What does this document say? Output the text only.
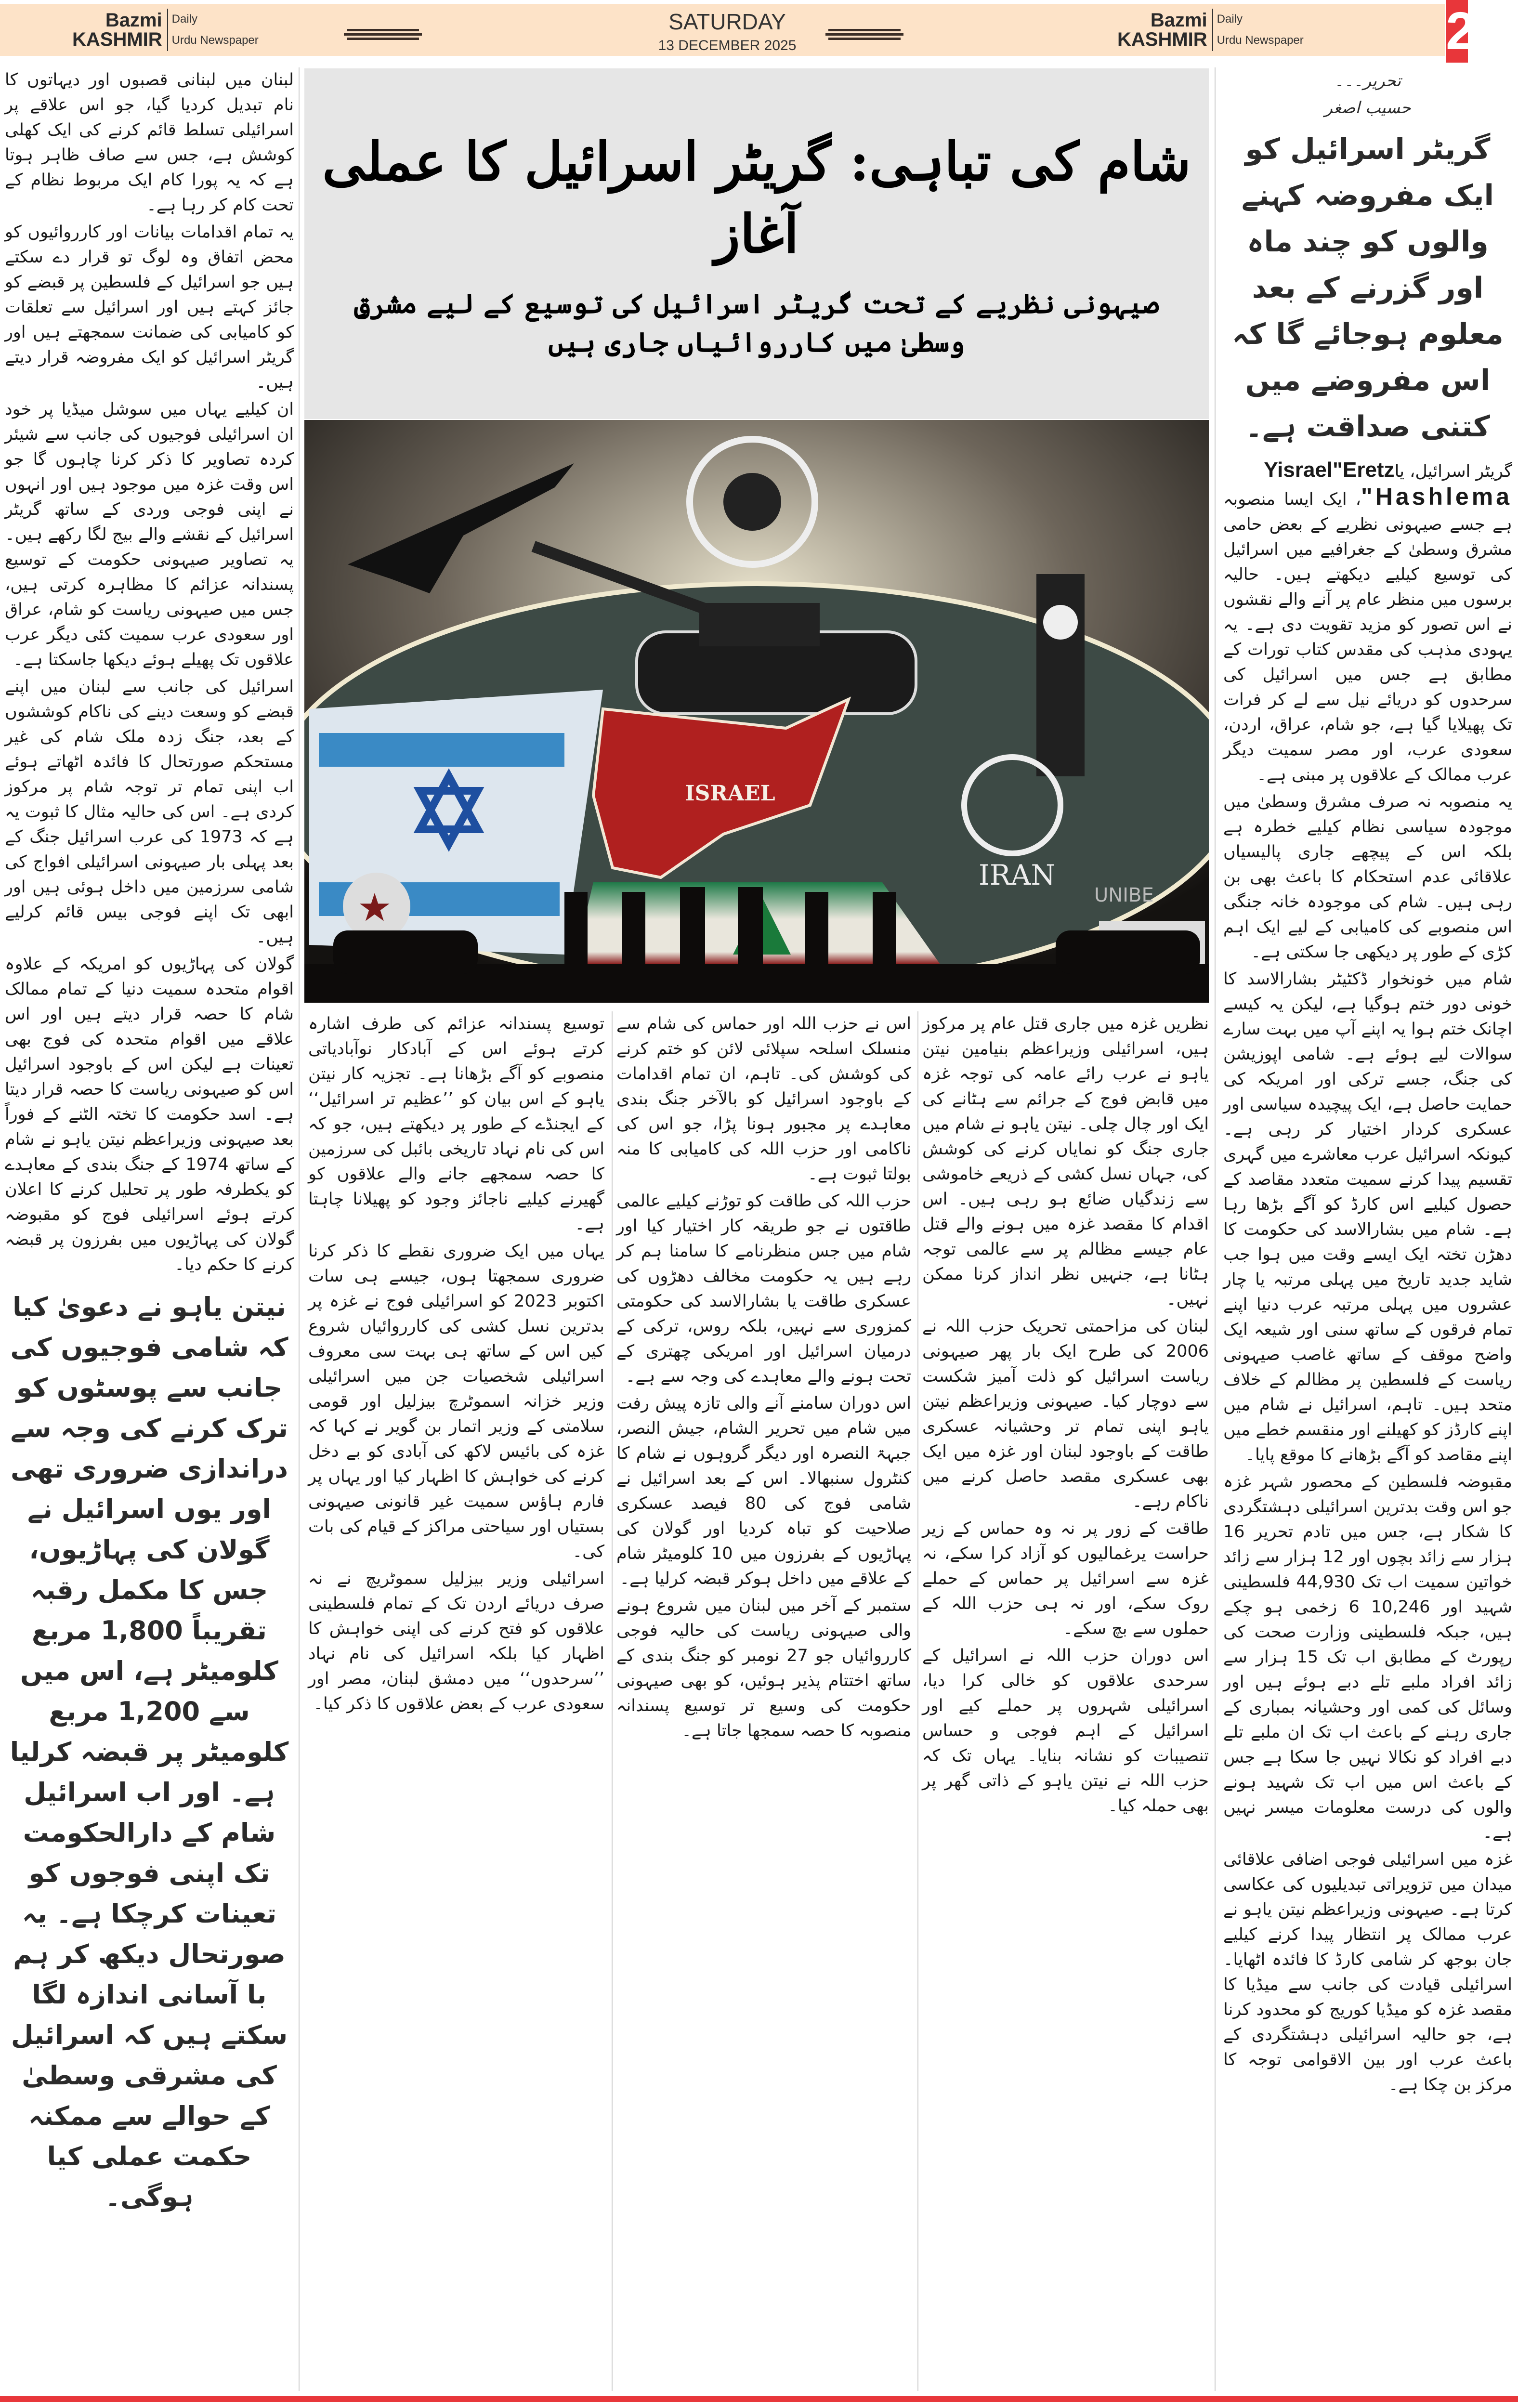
Bazmi
KASHMIR
Daily
Urdu Newspaper
SATURDAY
13 DECEMBER 2025
Bazmi
KASHMIR
Daily
Urdu Newspaper	2
تحریر۔۔۔
حسیب اصغر
گریٹر اسرائیل کو ایک مفروضہ کہنے والوں کو چند ماہ اور گزرنے کے بعد معلوم ہوجائے گا کہ اس مفروضے میں کتنی صداقت ہے۔

گریٹر اسرائیل، یاYisrael"Eretz
Hashlema"، ایک ایسا منصوبہ ہے جسے صیہونی نظریے کے بعض حامی مشرق وسطیٰ کے جغرافیے میں اسرائیل کی توسیع کیلیے دیکھتے ہیں۔ حالیہ برسوں میں منظر عام پر آنے والے نقشوں نے اس تصور کو مزید تقویت دی ہے۔ یہ یہودی مذہب کی مقدس کتاب تورات کے مطابق ہے جس میں اسرائیل کی سرحدوں کو دریائے نیل سے لے کر فرات تک پھیلایا گیا ہے، جو شام، عراق، اردن، سعودی عرب، اور مصر سمیت دیگر عرب ممالک کے علاقوں پر مبنی ہے۔

یہ منصوبہ نہ صرف مشرق وسطیٰ میں موجودہ سیاسی نظام کیلیے خطرہ ہے بلکہ اس کے پیچھے جاری پالیسیاں علاقائی عدم استحکام کا باعث بھی بن رہی ہیں۔ شام کی موجودہ خانہ جنگی اس منصوبے کی کامیابی کے لیے ایک اہم کڑی کے طور پر دیکھی جا سکتی ہے۔

شام میں خونخوار ڈکٹیٹر بشارالاسد کا خونی دور ختم ہوگیا ہے، لیکن یہ کیسے اچانک ختم ہوا یہ اپنے آپ میں بہت سارے سوالات لیے ہوئے ہے۔ شامی اپوزیشن کی جنگ، جسے ترکی اور امریکہ کی حمایت حاصل ہے، ایک پیچیدہ سیاسی اور عسکری کردار اختیار کر رہی ہے۔ کیونکہ اسرائیل عرب معاشرے میں گہری تقسیم پیدا کرنے سمیت متعدد مقاصد کے حصول کیلیے اس کارڈ کو آگے بڑھا رہا ہے۔ شام میں بشارالاسد کی حکومت کا دھڑن تختہ ایک ایسے وقت میں ہوا جب شاید جدید تاریخ میں پہلی مرتبہ یا چار عشروں میں پہلی مرتبہ عرب دنیا اپنے تمام فرقوں کے ساتھ سنی اور شیعہ ایک واضح موقف کے ساتھ غاصب صیہونی ریاست کے فلسطین پر مظالم کے خلاف متحد ہیں۔ تاہم، اسرائیل نے شام میں اپنے کارڈز کو کھیلنے اور منقسم خطے میں اپنے مقاصد کو آگے بڑھانے کا موقع پایا۔

مقبوضہ فلسطین کے محصور شہر غزہ جو اس وقت بدترین اسرائیلی دہشتگردی کا شکار ہے، جس میں تادم تحریر 16 ہزار سے زائد بچوں اور 12 ہزار سے زائد خواتین سمیت اب تک 44,930 فلسطینی شہید اور 10,246 6 زخمی ہو چکے ہیں، جبکہ فلسطینی وزارت صحت کی رپورٹ کے مطابق اب تک 15 ہزار سے زائد افراد ملبے تلے دبے ہوئے ہیں اور وسائل کی کمی اور وحشیانہ بمباری کے جاری رہنے کے باعث اب تک ان ملبے تلے دبے افراد کو نکالا نہیں جا سکا ہے جس کے باعث اس میں اب تک شہید ہونے والوں کی درست معلومات میسر نہیں ہے۔

غزہ میں اسرائیلی فوجی اضافی علاقائی میدان میں تزویراتی تبدیلیوں کی عکاسی کرتا ہے۔ صیہونی وزیراعظم نیتن یاہو نے عرب ممالک پر انتظار پیدا کرنے کیلیے جان بوجھ کر شامی کارڈ کا فائدہ اٹھایا۔ اسرائیلی قیادت کی جانب سے میڈیا کا مقصد غزہ کو میڈیا کوریج کو محدود کرنا ہے، جو حالیہ اسرائیلی دہشتگردی کے باعث عرب اور بین الاقوامی توجہ کا مرکز بن چکا ہے۔

شام کی تباہی: گریٹر اسرائیل کا عملی آغاز
صیہونی نظریے کے تحت گریٹر اسرائیل کی توسیع کے لیے مشرقِ وسطیٰ میں کارروائیاں جاری ہیں
ISRAEL
★
IRAN
UNIBE

لبنان میں لبنانی قصبوں اور دیہاتوں کا نام تبدیل کردیا گیا، جو اس علاقے پر اسرائیلی تسلط قائم کرنے کی ایک کھلی کوشش ہے، جس سے صاف ظاہر ہوتا ہے کہ یہ پورا کام ایک مربوط نظام کے تحت کام کر رہا ہے۔

یہ تمام اقدامات بیانات اور کارروائیوں کو محض اتفاق وہ لوگ تو قرار دے سکتے ہیں جو اسرائیل کے فلسطین پر قبضے کو جائز کہتے ہیں اور اسرائیل سے تعلقات کو کامیابی کی ضمانت سمجھتے ہیں اور گریٹر اسرائیل کو ایک مفروضہ قرار دیتے ہیں۔

ان کیلیے یہاں میں سوشل میڈیا پر خود ان اسرائیلی فوجیوں کی جانب سے شیئر کردہ تصاویر کا ذکر کرنا چاہوں گا جو اس وقت غزہ میں موجود ہیں اور انہوں نے اپنی فوجی وردی کے ساتھ گریٹر اسرائیل کے نقشے والے بیج لگا رکھے ہیں۔ یہ تصاویر صیہونی حکومت کے توسیع پسندانہ عزائم کا مظاہرہ کرتی ہیں، جس میں صیہونی ریاست کو شام، عراق اور سعودی عرب سمیت کئی دیگر عرب علاقوں تک پھیلے ہوئے دیکھا جاسکتا ہے۔

اسرائیل کی جانب سے لبنان میں اپنے قبضے کو وسعت دینے کی ناکام کوششوں کے بعد، جنگ زدہ ملک شام کی غیر مستحکم صورتحال کا فائدہ اٹھاتے ہوئے اب اپنی تمام تر توجہ شام پر مرکوز کردی ہے۔ اس کی حالیہ مثال کا ثبوت یہ ہے کہ 1973 کی عرب اسرائیل جنگ کے بعد پہلی بار صیہونی اسرائیلی افواج کی شامی سرزمین میں داخل ہوئی ہیں اور ابھی تک اپنے فوجی بیس قائم کرلیے ہیں۔

گولان کی پہاڑیوں کو امریکہ کے علاوہ اقوام متحدہ سمیت دنیا کے تمام ممالک شام کا حصہ قرار دیتے ہیں اور اس علاقے میں اقوام متحدہ کی فوج بھی تعینات ہے لیکن اس کے باوجود اسرائیل اس کو صیہونی ریاست کا حصہ قرار دیتا ہے۔ اسد حکومت کا تختہ الٹنے کے فوراً بعد صیہونی وزیراعظم نیتن یاہو نے شام کے ساتھ 1974 کے جنگ بندی کے معاہدے کو یکطرفہ طور پر تحلیل کرنے کا اعلان کرتے ہوئے اسرائیلی فوج کو مقبوضہ گولان کی پہاڑیوں میں بفرزون پر قبضہ کرنے کا حکم دیا۔

نیتن یاہو نے دعویٰ کیا کہ شامی فوجیوں کی جانب سے پوسٹوں کو ترک کرنے کی وجہ سے دراندازی ضروری تھی اور یوں اسرائیل نے گولان کی پہاڑیوں، جس کا مکمل رقبہ تقریباً 1,800 مربع کلومیٹر ہے، اس میں سے 1,200 مربع کلومیٹر پر قبضہ کرلیا ہے۔ اور اب اسرائیل شام کے دارالحکومت تک اپنی فوجوں کو تعینات کرچکا ہے۔ یہ صورتحال دیکھ کر ہم با آسانی اندازہ لگا سکتے ہیں کہ اسرائیل کی مشرقی وسطیٰ کے حوالے سے ممکنہ حکمت عملی کیا ہوگی۔

نظریں غزہ میں جاری قتل عام پر مرکوز ہیں، اسرائیلی وزیراعظم بنیامین نیتن یاہو نے عرب رائے عامہ کی توجہ غزہ میں قابض فوج کے جرائم سے ہٹانے کی ایک اور چال چلی۔ نیتن یاہو نے شام میں جاری جنگ کو نمایاں کرنے کی کوشش کی، جہاں نسل کشی کے ذریعے خاموشی سے زندگیاں ضائع ہو رہی ہیں۔ اس اقدام کا مقصد غزہ میں ہونے والے قتل عام جیسے مظالم پر سے عالمی توجہ ہٹانا ہے، جنہیں نظر انداز کرنا ممکن نہیں۔

لبنان کی مزاحمتی تحریک حزب اللہ نے 2006 کی طرح ایک بار پھر صیہونی ریاست اسرائیل کو ذلت آمیز شکست سے دوچار کیا۔ صیہونی وزیراعظم نیتن یاہو اپنی تمام تر وحشیانہ عسکری طاقت کے باوجود لبنان اور غزہ میں ایک بھی عسکری مقصد حاصل کرنے میں ناکام رہے۔

طاقت کے زور پر نہ وہ حماس کے زیر حراست یرغمالیوں کو آزاد کرا سکے، نہ غزہ سے اسرائیل پر حماس کے حملے روک سکے، اور نہ ہی حزب اللہ کے حملوں سے بچ سکے۔

اس دوران حزب اللہ نے اسرائیل کے سرحدی علاقوں کو خالی کرا دیا، اسرائیلی شہروں پر حملے کیے اور اسرائیل کے اہم فوجی و حساس تنصیبات کو نشانہ بنایا۔ یہاں تک کہ حزب اللہ نے نیتن یاہو کے ذاتی گھر پر بھی حملہ کیا۔

اس نے حزب اللہ اور حماس کی شام سے منسلک اسلحہ سپلائی لائن کو ختم کرنے کی کوشش کی۔ تاہم، ان تمام اقدامات کے باوجود اسرائیل کو بالآخر جنگ بندی معاہدے پر مجبور ہونا پڑا، جو اس کی ناکامی اور حزب اللہ کی کامیابی کا منہ بولتا ثبوت ہے۔

حزب اللہ کی طاقت کو توڑنے کیلیے عالمی طاقتوں نے جو طریقہ کار اختیار کیا اور شام میں جس منظرنامے کا سامنا ہم کر رہے ہیں یہ حکومت مخالف دھڑوں کی عسکری طاقت یا بشارالاسد کی حکومتی کمزوری سے نہیں، بلکہ روس، ترکی کے درمیان اسرائیل اور امریکی چھتری کے تحت ہونے والے معاہدے کی وجہ سے ہے۔

اس دوران سامنے آنے والی تازہ پیش رفت میں شام میں تحریر الشام، جیش النصر، جبہۃ النصرہ اور دیگر گروہوں نے شام کا کنٹرول سنبھالا۔ اس کے بعد اسرائیل نے شامی فوج کی 80 فیصد عسکری صلاحیت کو تباہ کردیا اور گولان کی پہاڑیوں کے بفرزون میں 10 کلومیٹر شام کے علاقے میں داخل ہوکر قبضہ کرلیا ہے۔

ستمبر کے آخر میں لبنان میں شروع ہونے والی صیہونی ریاست کی حالیہ فوجی کارروائیاں جو 27 نومبر کو جنگ بندی کے ساتھ اختتام پذیر ہوئیں، کو بھی صیہونی حکومت کی وسیع تر توسیع پسندانہ منصوبہ کا حصہ سمجھا جاتا ہے۔

توسیع پسندانہ عزائم کی طرف اشارہ کرتے ہوئے اس کے آبادکار نوآبادیاتی منصوبے کو آگے بڑھانا ہے۔ تجزیہ کار نیتن یاہو کے اس بیان کو ’’عظیم تر اسرائیل‘‘ کے ایجنڈے کے طور پر دیکھتے ہیں، جو کہ اس کی نام نہاد تاریخی بائبل کی سرزمین کا حصہ سمجھے جانے والے علاقوں کو گھیرنے کیلیے ناجائز وجود کو پھیلانا چاہتا ہے۔

یہاں میں ایک ضروری نقطے کا ذکر کرنا ضروری سمجھتا ہوں، جیسے ہی سات اکتوبر 2023 کو اسرائیلی فوج نے غزہ پر بدترین نسل کشی کی کارروائیاں شروع کیں اس کے ساتھ ہی بہت سی معروف اسرائیلی شخصیات جن میں اسرائیلی وزیر خزانہ اسموٹرچ بیزلیل اور قومی سلامتی کے وزیر اتمار بن گویر نے کہا کہ غزہ کی بائیس لاکھ کی آبادی کو بے دخل کرنے کی خواہش کا اظہار کیا اور یہاں پر فارم ہاؤس سمیت غیر قانونی صیہونی بستیاں اور سیاحتی مراکز کے قیام کی بات کی۔

اسرائیلی وزیر بیزلیل سموٹریچ نے نہ صرف دریائے اردن تک کے تمام فلسطینی علاقوں کو فتح کرنے کی اپنی خواہش کا اظہار کیا بلکہ اسرائیل کی نام نہاد ’’سرحدوں‘‘ میں دمشق لبنان، مصر اور سعودی عرب کے بعض علاقوں کا ذکر کیا۔
